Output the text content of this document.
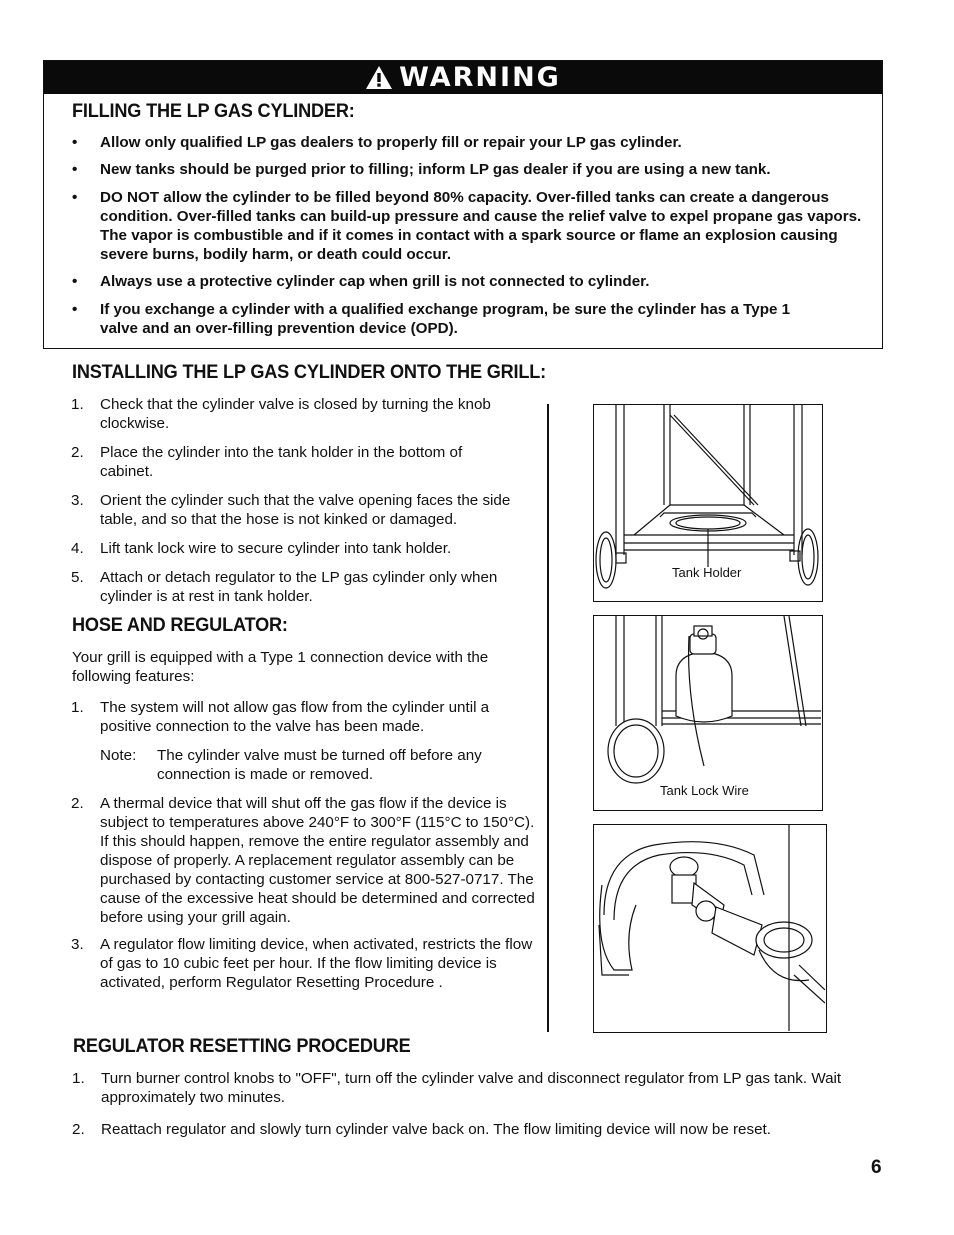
WARNING
FILLING THE LP GAS CYLINDER:
• Allow only qualified LP gas dealers to properly fill or repair your LP gas cylinder.
• New tanks should be purged prior to filling; inform LP gas dealer if you are using a new tank.
• DO NOT allow the cylinder to be filled beyond 80% capacity. Over-filled tanks can create a dangerous condition. Over-filled tanks can build-up pressure and cause the relief valve to expel propane gas vapors. The vapor is combustible and if it comes in contact with a spark source or flame an explosion causing severe burns, bodily harm, or death could occur.
• Always use a protective cylinder cap when grill is not connected to cylinder.
• If you exchange a cylinder with a qualified exchange program, be sure the cylinder has a Type 1 valve and an over-filling prevention device (OPD).
INSTALLING THE LP GAS CYLINDER ONTO THE GRILL:
1. Check that the cylinder valve is closed by turning the knob clockwise.
2. Place the cylinder into the tank holder in the bottom of cabinet.
3. Orient the cylinder such that the valve opening faces the side table, and so that the hose is not kinked or damaged.
4. Lift tank lock wire to secure cylinder into tank holder.
5. Attach or detach regulator to the LP gas cylinder only when cylinder is at rest in tank holder.
HOSE AND REGULATOR:
Your grill is equipped with a Type 1 connection device with the following features:
1. The system will not allow gas flow from the cylinder until a positive connection to the valve has been made.
Note:	The cylinder valve must be turned off before any connection is made or removed.
2. A thermal device that will shut off the gas flow if the device is subject to temperatures above 240°F to 300°F (115°C to 150°C). If this should happen, remove the entire regulator assembly and dispose of properly. A replacement regulator assembly can be purchased by contacting customer service at 800-527-0717. The cause of the excessive heat should be determined and corrected before using your grill again.
3. A regulator flow limiting device, when activated, restricts the flow of gas to 10 cubic feet per hour. If the flow limiting device is activated, perform Regulator Resetting Procedure .
Tank Holder
Tank Lock Wire
REGULATOR RESETTING PROCEDURE
1. Turn burner control knobs to "OFF", turn off the cylinder valve and disconnect regulator from LP gas tank. Wait approximately two minutes.
2. Reattach regulator and slowly turn cylinder valve back on. The flow limiting device will now be reset.
6
